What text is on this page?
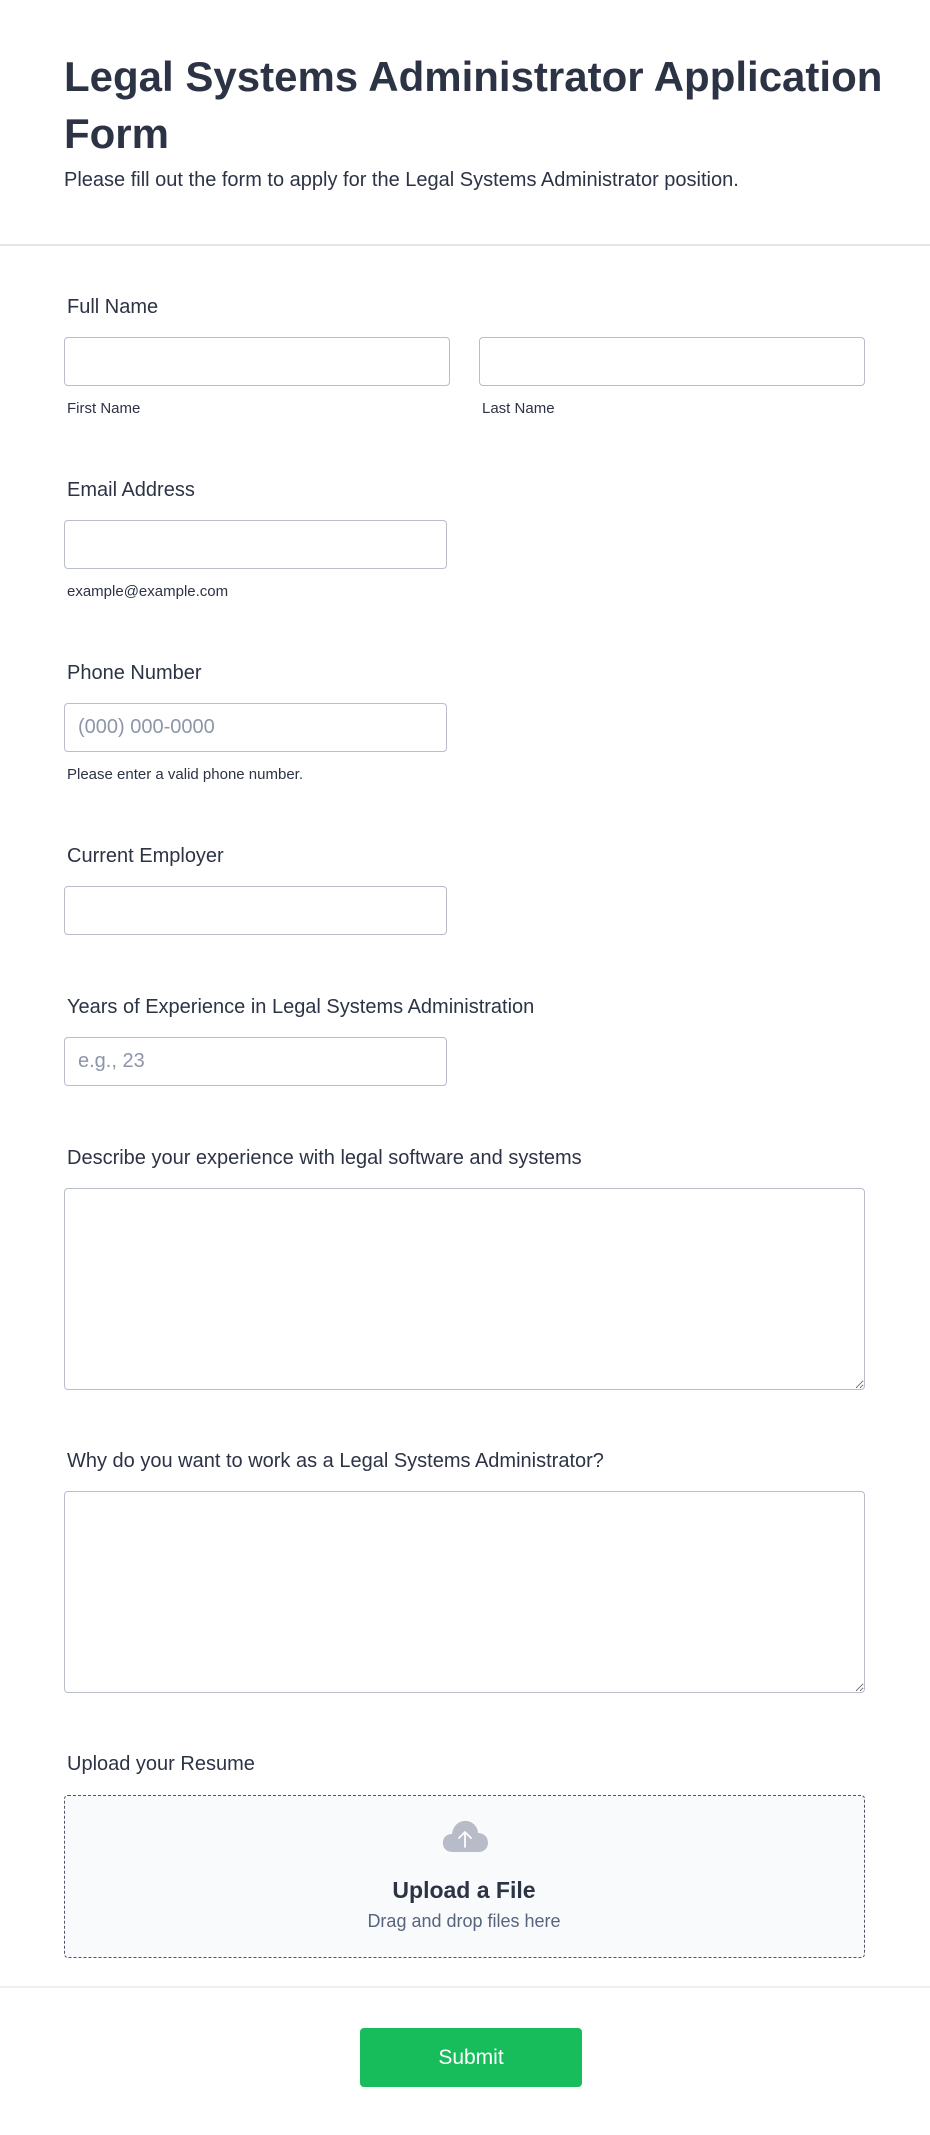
Legal Systems Administrator Application Form

Please fill out the form to apply for the Legal Systems Administrator position.

Full Name
First Name	Last Name
Email Address
example@example.com
Phone Number
(000) 000-0000
Please enter a valid phone number.
Current Employer
Years of Experience in Legal Systems Administration
e.g., 23
Describe your experience with legal software and systems
Why do you want to work as a Legal Systems Administrator?
Upload your Resume
Upload a File
Drag and drop files here
Submit
